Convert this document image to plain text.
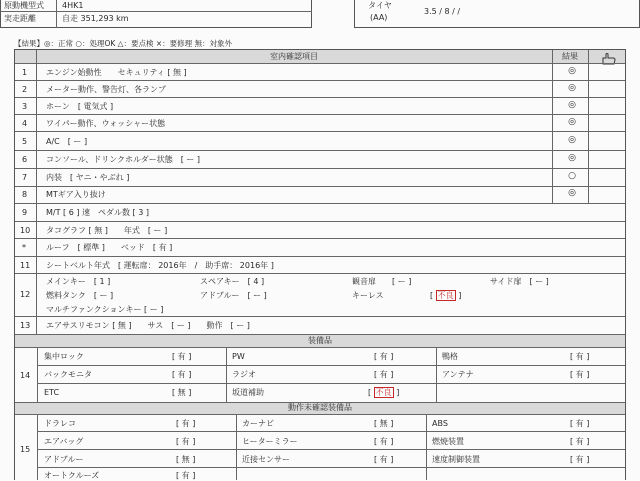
原動機型式 4HK1
実走距離	自走 351,293 km
タイヤ
(AA)
3.5 / 8 / /
【結果】◎：正常 ○：処理OK △：要点検 ×：要修理 無：対象外
室内確認項目	結果
1 エンジン始動性　　セキュリティ [ 無 ]	◎
2 メーター動作、警告灯、各ランプ	◎
3 ホーン　[ 電気式 ]	◎
4 ワイパー動作、ウォッシャー状態	◎
5 A/C　[ ー ]	◎
6 コンソール、ドリンクホルダー状態　[ ー ]	◎
7 内装　[ ヤニ・やぶれ ]	○
8 MTギア入り抜け	◎
9 M/T [ 6 ] 速　ペダル数 [ 3 ]
10 タコグラフ [ 無 ]　　年式　[ ー ]
*	ルーフ　[ 標準 ]　　ベッド　[ 有 ]
11 シートベルト年式　[ 運転席： 2016年　/　助手席： 2016年 ]
12
メインキー　[ 1 ]	スペアキー　[ 4 ]	観音扉　　[ ー ]	サイド扉　[ ー ]
燃料タンク　[ ー ]	アドブルー　[ ー ]	キーレス	[ 不良 ]
マルチファンクションキー [ ー ]
13 エアサスリモコン [ 無 ]　　サス　[ ー ]　　動作　[ ー ]
装備品
14
集中ロック	[ 有 ]	PW	[ 有 ]	鴨格	[ 有 ]
バックモニタ	[ 有 ]	ラジオ	[ 有 ]	アンテナ	[ 有 ]
ETC	[ 無 ]	坂道補助	[ 不良 ]
動作未確認装備品
15
ドラレコ	[ 有 ]	カーナビ	[ 無 ]	ABS	[ 有 ]
エアバッグ	[ 有 ]	ヒーターミラー	[ 有 ]	燃焼装置	[ 有 ]
アドブルー	[ 無 ]	近接センサー	[ 有 ]	速度制御装置	[ 有 ]
オートクルーズ	[ 有 ]
